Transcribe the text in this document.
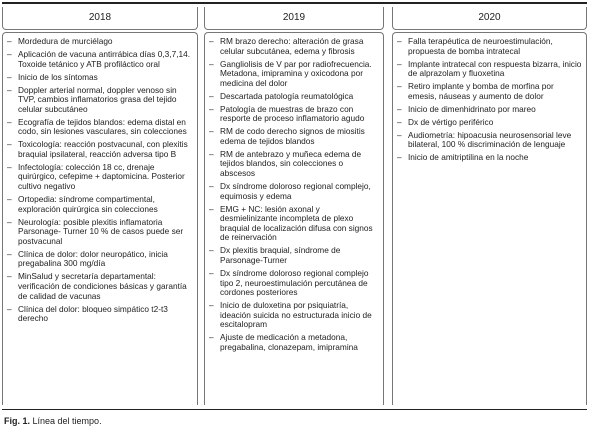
2018
– Mordedura de murciélago
– Aplicación de vacuna antirrábica días 0,3,7,14. Toxoide tetánico y ATB profiláctico oral
– Inicio de los síntomas
– Doppler arterial normal, doppler venoso sin TVP, cambios inflamatorios grasa del tejido celular subcutáneo
– Ecografía de tejidos blandos: edema distal en codo, sin lesiones vasculares, sin colecciones
– Toxicología: reacción postvacunal, con plexitis braquial ipsilateral, reacción adversa tipo B
– Infectología: colección 18 cc, drenaje quirúrgico, cefepime + daptomicina. Posterior cultivo negativo
– Ortopedia: síndrome compartimental, exploración quirúrgica sin colecciones
– Neurología: posible plexitis inflamatoria Parsonage- Turner 10 % de casos puede ser postvacunal
– Clínica de dolor: dolor neuropático, inicia pregabalina 300 mg/día
– MinSalud y secretaría departamental: verificación de condiciones básicas y garantía de calidad de vacunas
– Clínica del dolor: bloqueo simpático t2-t3 derecho
2019
– RM brazo derecho: alteración de grasa celular subcutánea, edema y fibrosis
– Gangliolisis de V par por radiofrecuencia. Metadona, imipramina y oxicodona por medicina del dolor
– Descartada patología reumatológica
– Patología de muestras de brazo con resporte de proceso inflamatorio agudo
– RM de codo derecho signos de miositis edema de tejidos blandos
– RM de antebrazo y muñeca edema de tejidos blandos, sin colecciones o abscesos
– Dx síndrome doloroso regional complejo, equimosis y edema
– EMG + NC: lesión axonal y desmielinizante incompleta de plexo braquial de localización difusa con signos de reinervación
– Dx plexitis braquial, síndrome de Parsonage-Turner
– Dx síndrome doloroso regional complejo tipo 2, neuroestimulación percutánea de cordones posteriores
– Inicio de duloxetina por psiquiatría, ideación suicida no estructurada inicio de escitalopram
– Ajuste de medicación a metadona, pregabalina, clonazepam, imipramina
2020
– Falla terapéutica de neuroestimulación, propuesta de bomba intratecal
– Implante intratecal con respuesta bizarra, inicio de alprazolam y fluoxetina
– Retiro implante y bomba de morfina por emesis, náuseas y aumento de dolor
– Inicio de dimenhidrinato por mareo
– Dx de vértigo periférico
– Audiometría: hipoacusia neurosensorial leve bilateral, 100 % discriminación de lenguaje
– Inicio de amitriptilina en la noche
Fig. 1. Línea del tiempo.
